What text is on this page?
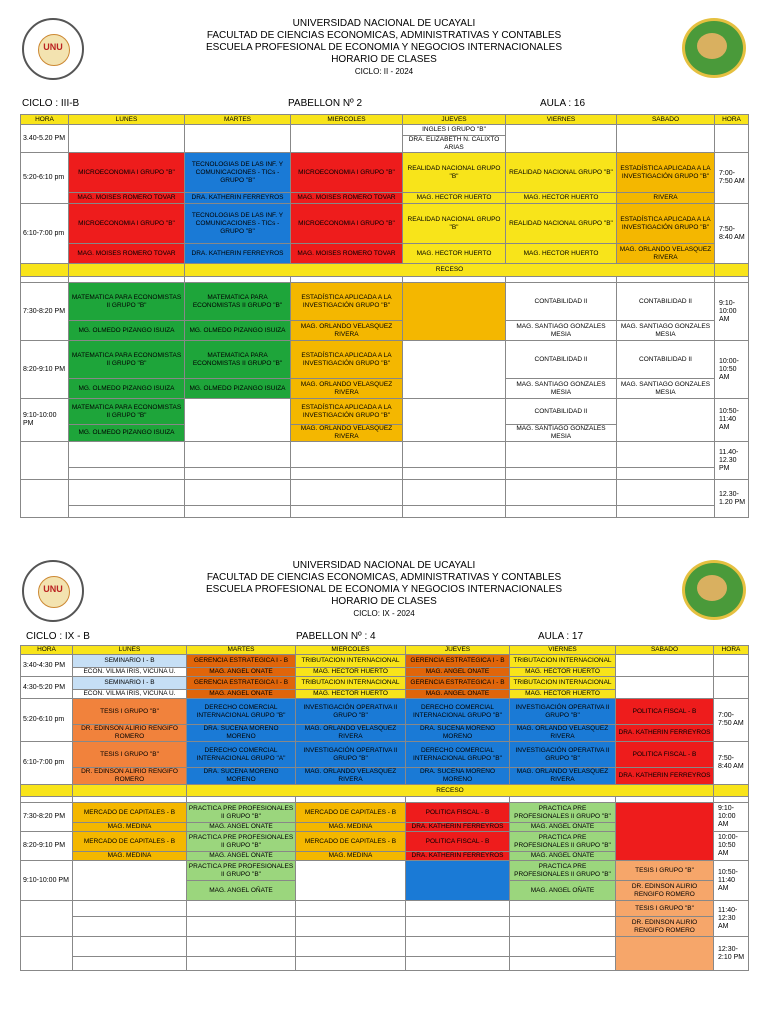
UNU
UNIVERSIDAD NACIONAL DE UCAYALI
FACULTAD DE CIENCIAS ECONOMICAS, ADMINISTRATIVAS Y CONTABLES
ESCUELA PROFESIONAL DE ECONOMIA Y NEGOCIOS INTERNACIONALES
HORARIO DE CLASES
CICLO: II - 2024
CICLO : III-B	PABELLON Nº 2	AULA : 16
HORA	LUNES	MARTES	MIERCOLES	JUEVES	VIERNES	SABADO	HORA
3.40-5.20 PM				INGLES I GRUPO "B"			
				DRA. ELIZABETH N. CALIXTO ARIAS			
5:20-6:10 pm	MICROECONOMIA I GRUPO "B"	TECNOLOGIAS DE LAS INF. Y COMUNICACIONES - TICs - GRUPO "B"	MICROECONOMIA I GRUPO "B"	REALIDAD NACIONAL GRUPO "B"	REALIDAD NACIONAL GRUPO "B"	ESTADÍSTICA APLICADA A LA INVESTIGACIÓN GRUPO "B"	7:00-7:50 AM
	MAG. MOISES ROMERO TOVAR	DRA. KATHERIN FERREYROS	MAG. MOISES ROMERO TOVAR	MAG. HECTOR HUERTO	MAG. HECTOR HUERTO	RIVERA	
6:10-7:00 pm	MICROECONOMIA I GRUPO "B"	TECNOLOGIAS DE LAS INF. Y COMUNICACIONES - TICs - GRUPO "B"	MICROECONOMIA I GRUPO "B"	REALIDAD NACIONAL GRUPO "B"	REALIDAD NACIONAL GRUPO "B"	ESTADÍSTICA APLICADA A LA INVESTIGACIÓN GRUPO "B"	7:50-8:40 AM
	MAG. MOISES ROMERO TOVAR	DRA. KATHERIN FERREYROS	MAG. MOISES ROMERO TOVAR	MAG. HECTOR HUERTO	MAG. HECTOR HUERTO	MAG. ORLANDO VELASQUEZ RIVERA	
		RECESO					

7:30-8:20 PM	MATEMATICA PARA ECONOMISTAS II GRUPO "B"	MATEMATICA PARA ECONOMISTAS II GRUPO "B"	ESTADÍSTICA APLICADA A LA INVESTIGACIÓN GRUPO "B"		CONTABILIDAD II	CONTABILIDAD II	9:10-10:00 AM
	MG. OLMEDO PIZANGO ISUIZA	MG. OLMEDO PIZANGO ISUIZA	MAG. ORLANDO VELASQUEZ RIVERA		MAG. SANTIAGO GONZALES MESIA	MAG. SANTIAGO GONZALES MESIA	
8:20-9:10 PM	MATEMATICA PARA ECONOMISTAS II GRUPO "B"	MATEMATICA PARA ECONOMISTAS II GRUPO "B"	ESTADÍSTICA APLICADA A LA INVESTIGACIÓN GRUPO "B"		CONTABILIDAD II	CONTABILIDAD II	10:00-10:50 AM
	MG. OLMEDO PIZANGO ISUIZA	MG. OLMEDO PIZANGO ISUIZA	MAG. ORLANDO VELASQUEZ RIVERA		MAG. SANTIAGO GONZALES MESIA	MAG. SANTIAGO GONZALES MESIA	
9:10-10:00 PM	MATEMATICA PARA ECONOMISTAS II GRUPO "B"		ESTADÍSTICA APLICADA A LA INVESTIGACIÓN GRUPO "B"		CONTABILIDAD II		10:50-11:40 AM
	MG. OLMEDO PIZANGO ISUIZA		MAG. ORLANDO VELASQUEZ RIVERA		MAG. SANTIAGO GONZALES MESIA		
							11.40-12.30 PM

							12.30-1.20 PM

UNU
UNIVERSIDAD NACIONAL DE UCAYALI
FACULTAD DE CIENCIAS ECONOMICAS, ADMINISTRATIVAS Y CONTABLES
ESCUELA PROFESIONAL DE ECONOMIA Y NEGOCIOS INTERNACIONALES
HORARIO DE CLASES
CICLO: IX - 2024
CICLO : IX - B	PABELLON Nº : 4	AULA : 17
HORA	LUNES	MARTES	MIERCOLES	JUEVES	VIERNES	SABADO	HORA
3:40-4:30 PM	SEMINARIO I - B	GERENCIA ESTRATEGICA I - B	TRIBUTACION INTERNACIONAL	GERENCIA ESTRATEGICA I - B	TRIBUTACION INTERNACIONAL		
	ECON. VILMA IRIS, VICUÑA U.	MAG. ANGEL OÑATE	MAG. HECTOR HUERTO	MAG. ANGEL OÑATE	MAG. HECTOR HUERTO		
4:30-5:20 PM	SEMINARIO I - B	GERENCIA ESTRATEGICA I - B	TRIBUTACION INTERNACIONAL	GERENCIA ESTRATEGICA I - B	TRIBUTACION INTERNACIONAL		
	ECON. VILMA IRIS, VICUÑA U.	MAG. ANGEL OÑATE	MAG. HECTOR HUERTO	MAG. ANGEL OÑATE	MAG. HECTOR HUERTO		
5:20-6:10 pm	TESIS I GRUPO "B"	DERECHO COMERCIAL INTERNACIONAL GRUPO "B"	INVESTIGACIÓN OPERATIVA II GRUPO "B"	DERECHO COMERCIAL INTERNACIONAL GRUPO "B"	INVESTIGACIÓN OPERATIVA II GRUPO "B"	POLITICA FISCAL - B	7:00-7:50 AM
	DR. EDINSON ALIRIO RENGIFO ROMERO	DRA. SUCENA MORENO MORENO	MAG. ORLANDO VELASQUEZ RIVERA	DRA. SUCENA MORENO MORENO	MAG. ORLANDO VELASQUEZ RIVERA	DRA. KATHERIN FERREYROS	
6:10-7:00 pm	TESIS I GRUPO "B"	DERECHO COMERCIAL INTERNACIONAL GRUPO "A"	INVESTIGACIÓN OPERATIVA II GRUPO "B"	DERECHO COMERCIAL INTERNACIONAL GRUPO "B"	INVESTIGACIÓN OPERATIVA II GRUPO "B"	POLITICA FISCAL - B	7:50-8:40 AM
	DR. EDINSON ALIRIO RENGIFO ROMERO	DRA. SUCENA MORENO MORENO	MAG. ORLANDO VELASQUEZ RIVERA	DRA. SUCENA MORENO MORENO	MAG. ORLANDO VELASQUEZ RIVERA	DRA. KATHERIN FERREYROS	
		RECESO					

7:30-8:20 PM	MERCADO DE CAPITALES - B	PRACTICA PRE PROFESIONALES II GRUPO "B"	MERCADO DE CAPITALES - B	POLITICA FISCAL - B	PRACTICA PRE PROFESIONALES II GRUPO "B"		9:10-10:00 AM
	MAG. MEDINA	MAG. ANGEL OÑATE	MAG. MEDINA	DRA. KATHERIN FERREYROS	MAG. ANGEL OÑATE		
8:20-9:10 PM	MERCADO DE CAPITALES - B	PRACTICA PRE PROFESIONALES II GRUPO "B"	MERCADO DE CAPITALES - B	POLITICA FISCAL - B	PRACTICA PRE PROFESIONALES II GRUPO "B"		10:00-10:50 AM
	MAG. MEDINA	MAG. ANGEL OÑATE	MAG. MEDINA	DRA. KATHERIN FERREYROS	MAG. ANGEL OÑATE		
9:10-10:00 PM		PRACTICA PRE PROFESIONALES II GRUPO "B"			PRACTICA PRE PROFESIONALES II GRUPO "B"	TESIS I GRUPO "B"	10:50-11:40 AM
		MAG. ANGEL OÑATE			MAG. ANGEL OÑATE	DR. EDINSON ALIRIO RENGIFO ROMERO	
						TESIS I GRUPO "B"	11:40-12:30 AM
						DR. EDINSON ALIRIO RENGIFO ROMERO	
							12:30-2:10 PM
